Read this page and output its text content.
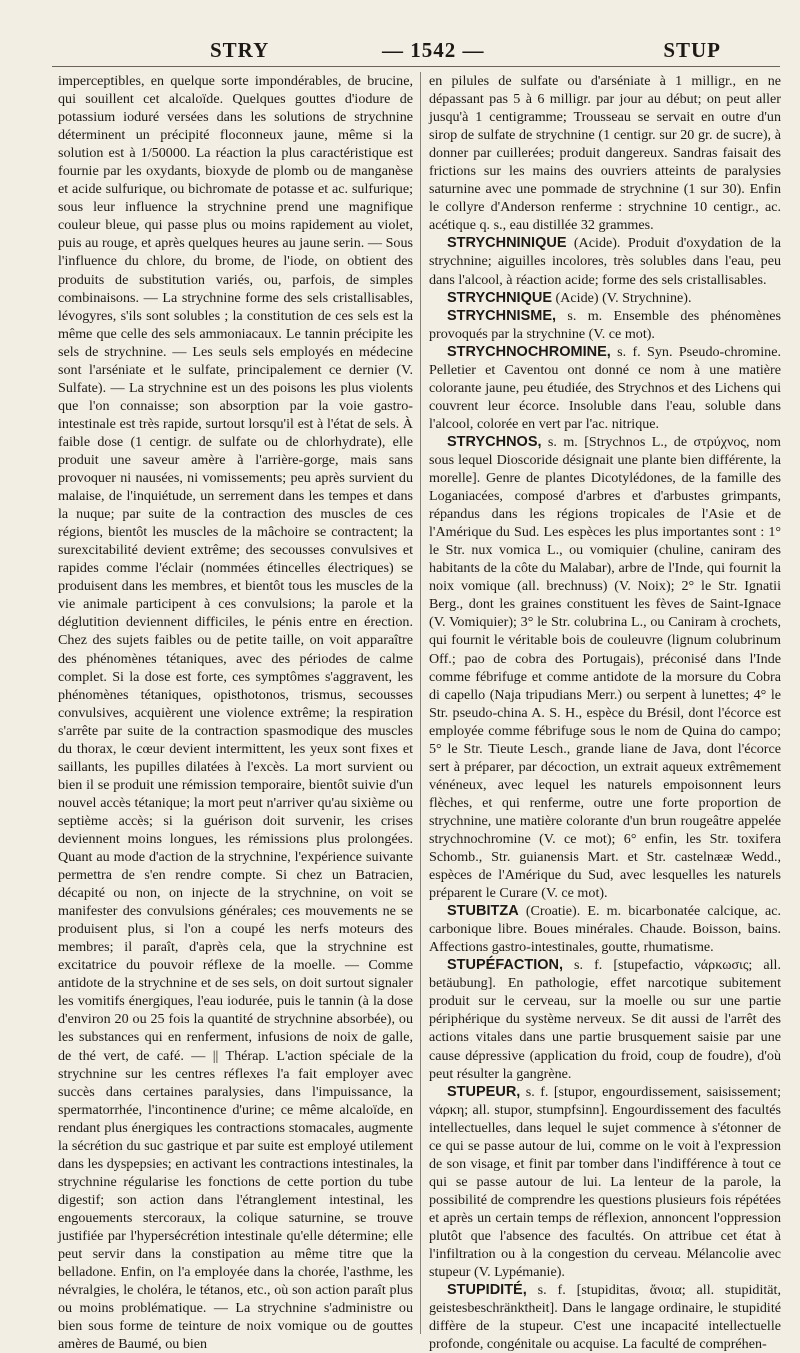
STRY	— 1542 —	STUP

imperceptibles, en quelque sorte impondérables, de brucine, qui souillent cet alcaloïde. Quelques gouttes d'iodure de potassium ioduré versées dans les solutions de strychnine déterminent un précipité floconneux jaune, même si la solution est à 1/50000. La réaction la plus caractéristique est fournie par les oxydants, bioxyde de plomb ou de manganèse et acide sulfurique, ou bichromate de potasse et ac. sulfurique; sous leur influence la strychnine prend une magnifique couleur bleue, qui passe plus ou moins rapidement au violet, puis au rouge, et après quelques heures au jaune serin. — Sous l'influence du chlore, du brome, de l'iode, on obtient des produits de substitution variés, ou, parfois, de simples combinaisons. — La strychnine forme des sels cristallisables, lévogyres, s'ils sont solubles ; la constitution de ces sels est la même que celle des sels ammoniacaux. Le tannin précipite les sels de strychnine. — Les seuls sels employés en médecine sont l'arséniate et le sulfate, principalement ce dernier (V. Sulfate). — La strychnine est un des poisons les plus violents que l'on connaisse; son absorption par la voie gastro-intestinale est très rapide, surtout lorsqu'il est à l'état de sels. À faible dose (1 centigr. de sulfate ou de chlorhydrate), elle produit une saveur amère à l'arrière-gorge, mais sans provoquer ni nausées, ni vomissements; peu après survient du malaise, de l'inquiétude, un serrement dans les tempes et dans la nuque; par suite de la contraction des muscles de ces régions, bientôt les muscles de la mâchoire se contractent; la surexcitabilité devient extrême; des secousses convulsives et rapides comme l'éclair (nommées étincelles électriques) se produisent dans les membres, et bientôt tous les muscles de la vie animale participent à ces convulsions; la parole et la déglutition deviennent difficiles, le pénis entre en érection. Chez des sujets faibles ou de petite taille, on voit apparaître des phénomènes tétaniques, avec des périodes de calme complet. Si la dose est forte, ces symptômes s'aggravent, les phénomènes tétaniques, opisthotonos, trismus, secousses convulsives, acquièrent une violence extrême; la respiration s'arrête par suite de la contraction spasmodique des muscles du thorax, le cœur devient intermittent, les yeux sont fixes et saillants, les pupilles dilatées à l'excès. La mort survient ou bien il se produit une rémission temporaire, bientôt suivie d'un nouvel accès tétanique; la mort peut n'arriver qu'au sixième ou septième accès; si la guérison doit survenir, les crises deviennent moins longues, les rémissions plus prolongées. Quant au mode d'action de la strychnine, l'expérience suivante permettra de s'en rendre compte. Si chez un Batracien, décapité ou non, on injecte de la strychnine, on voit se manifester des convulsions générales; ces mouvements ne se produisent plus, si l'on a coupé les nerfs moteurs des membres; il paraît, d'après cela, que la strychnine est excitatrice du pouvoir réflexe de la moelle. — Comme antidote de la strychnine et de ses sels, on doit surtout signaler les vomitifs énergiques, l'eau iodurée, puis le tannin (à la dose d'environ 20 ou 25 fois la quantité de strychnine absorbée), ou les substances qui en renferment, infusions de noix de galle, de thé vert, de café. — || Thérap. L'action spéciale de la strychnine sur les centres réflexes l'a fait employer avec succès dans certaines paralysies, dans l'impuissance, la spermatorrhée, l'incontinence d'urine; ce même alcaloïde, en rendant plus énergiques les contractions stomacales, augmente la sécrétion du suc gastrique et par suite est employé utilement dans les dyspepsies; en activant les contractions intestinales, la strychnine régularise les fonctions de cette portion du tube digestif; son action dans l'étranglement intestinal, les engouements stercoraux, la colique saturnine, se trouve justifiée par l'hypersécrétion intestinale qu'elle détermine; elle peut servir dans la constipation au même titre que la belladone. Enfin, on l'a employée dans la chorée, l'asthme, les névralgies, le choléra, le tétanos, etc., où son action paraît plus ou moins problématique. — La strychnine s'administre ou bien sous forme de teinture de noix vomique ou de gouttes amères de Baumé, ou bien

en pilules de sulfate ou d'arséniate à 1 milligr., en ne dépassant pas 5 à 6 milligr. par jour au début; on peut aller jusqu'à 1 centigramme; Trousseau se servait en outre d'un sirop de sulfate de strychnine (1 centigr. sur 20 gr. de sucre), à donner par cuillerées; produit dangereux. Sandras faisait des frictions sur les mains des ouvriers atteints de paralysies saturnine avec une pommade de strychnine (1 sur 30). Enfin le collyre d'Anderson renferme : strychnine 10 centigr., ac. acétique q. s., eau distillée 32 grammes.

STRYCHNINIQUE (Acide). Produit d'oxydation de la strychnine; aiguilles incolores, très solubles dans l'eau, peu dans l'alcool, à réaction acide; forme des sels cristallisables.

STRYCHNIQUE (Acide) (V. Strychnine).

STRYCHNISME, s. m. Ensemble des phénomènes provoqués par la strychnine (V. ce mot).

STRYCHNOCHROMINE, s. f. Syn. Pseudo-chromine. Pelletier et Caventou ont donné ce nom à une matière colorante jaune, peu étudiée, des Strychnos et des Lichens qui couvrent leur écorce. Insoluble dans l'eau, soluble dans l'alcool, colorée en vert par l'ac. nitrique.

STRYCHNOS, s. m. [Strychnos L., de στρύχνος, nom sous lequel Dioscoride désignait une plante bien différente, la morelle]. Genre de plantes Dicotylédones, de la famille des Loganiacées, composé d'arbres et d'arbustes grimpants, répandus dans les régions tropicales de l'Asie et de l'Amérique du Sud. Les espèces les plus importantes sont : 1° le Str. nux vomica L., ou vomiquier (chuline, caniram des habitants de la côte du Malabar), arbre de l'Inde, qui fournit la noix vomique (all. brechnuss) (V. Noix); 2° le Str. Ignatii Berg., dont les graines constituent les fèves de Saint-Ignace (V. Vomiquier); 3° le Str. colubrina L., ou Caniram à crochets, qui fournit le véritable bois de couleuvre (lignum colubrinum Off.; pao de cobra des Portugais), préconisé dans l'Inde comme fébrifuge et comme antidote de la morsure du Cobra di capello (Naja tripudians Merr.) ou serpent à lunettes; 4° le Str. pseudo-china A. S. H., espèce du Brésil, dont l'écorce est employée comme fébrifuge sous le nom de Quina do campo; 5° le Str. Tieute Lesch., grande liane de Java, dont l'écorce sert à préparer, par décoction, un extrait aqueux extrêmement vénéneux, avec lequel les naturels empoisonnent leurs flèches, et qui renferme, outre une forte proportion de strychnine, une matière colorante d'un brun rougeâtre appelée strychnochromine (V. ce mot); 6° enfin, les Str. toxifera Schomb., Str. guianensis Mart. et Str. castelnææ Wedd., espèces de l'Amérique du Sud, avec lesquelles les naturels préparent le Curare (V. ce mot).

STUBITZA (Croatie). E. m. bicarbonatée calcique, ac. carbonique libre. Boues minérales. Chaude. Boisson, bains. Affections gastro-intestinales, goutte, rhumatisme.

STUPÉFACTION, s. f. [stupefactio, νάρκωσις; all. betäubung]. En pathologie, effet narcotique subitement produit sur le cerveau, sur la moelle ou sur une partie périphérique du système nerveux. Se dit aussi de l'arrêt des actions vitales dans une partie brusquement saisie par une cause dépressive (application du froid, coup de foudre), d'où peut résulter la gangrène.

STUPEUR, s. f. [stupor, engourdissement, saisissement; νάρκη; all. stupor, stumpfsinn]. Engourdissement des facultés intellectuelles, dans lequel le sujet commence à s'étonner de ce qui se passe autour de lui, comme on le voit à l'expression de son visage, et finit par tomber dans l'indifférence à tout ce qui se passe autour de lui. La lenteur de la parole, la possibilité de comprendre les questions plusieurs fois répétées et après un certain temps de réflexion, annoncent l'oppression plutôt que l'absence des facultés. On attribue cet état à l'infiltration ou à la congestion du cerveau. Mélancolie avec stupeur (V. Lypémanie).

STUPIDITÉ, s. f. [stupiditas, ἄνοια; all. stupidität, geistesbeschränktheit]. Dans le langage ordinaire, le stupidité diffère de la stupeur. C'est une incapacité intellectuelle profonde, congénitale ou acquise. La faculté de compréhen-
